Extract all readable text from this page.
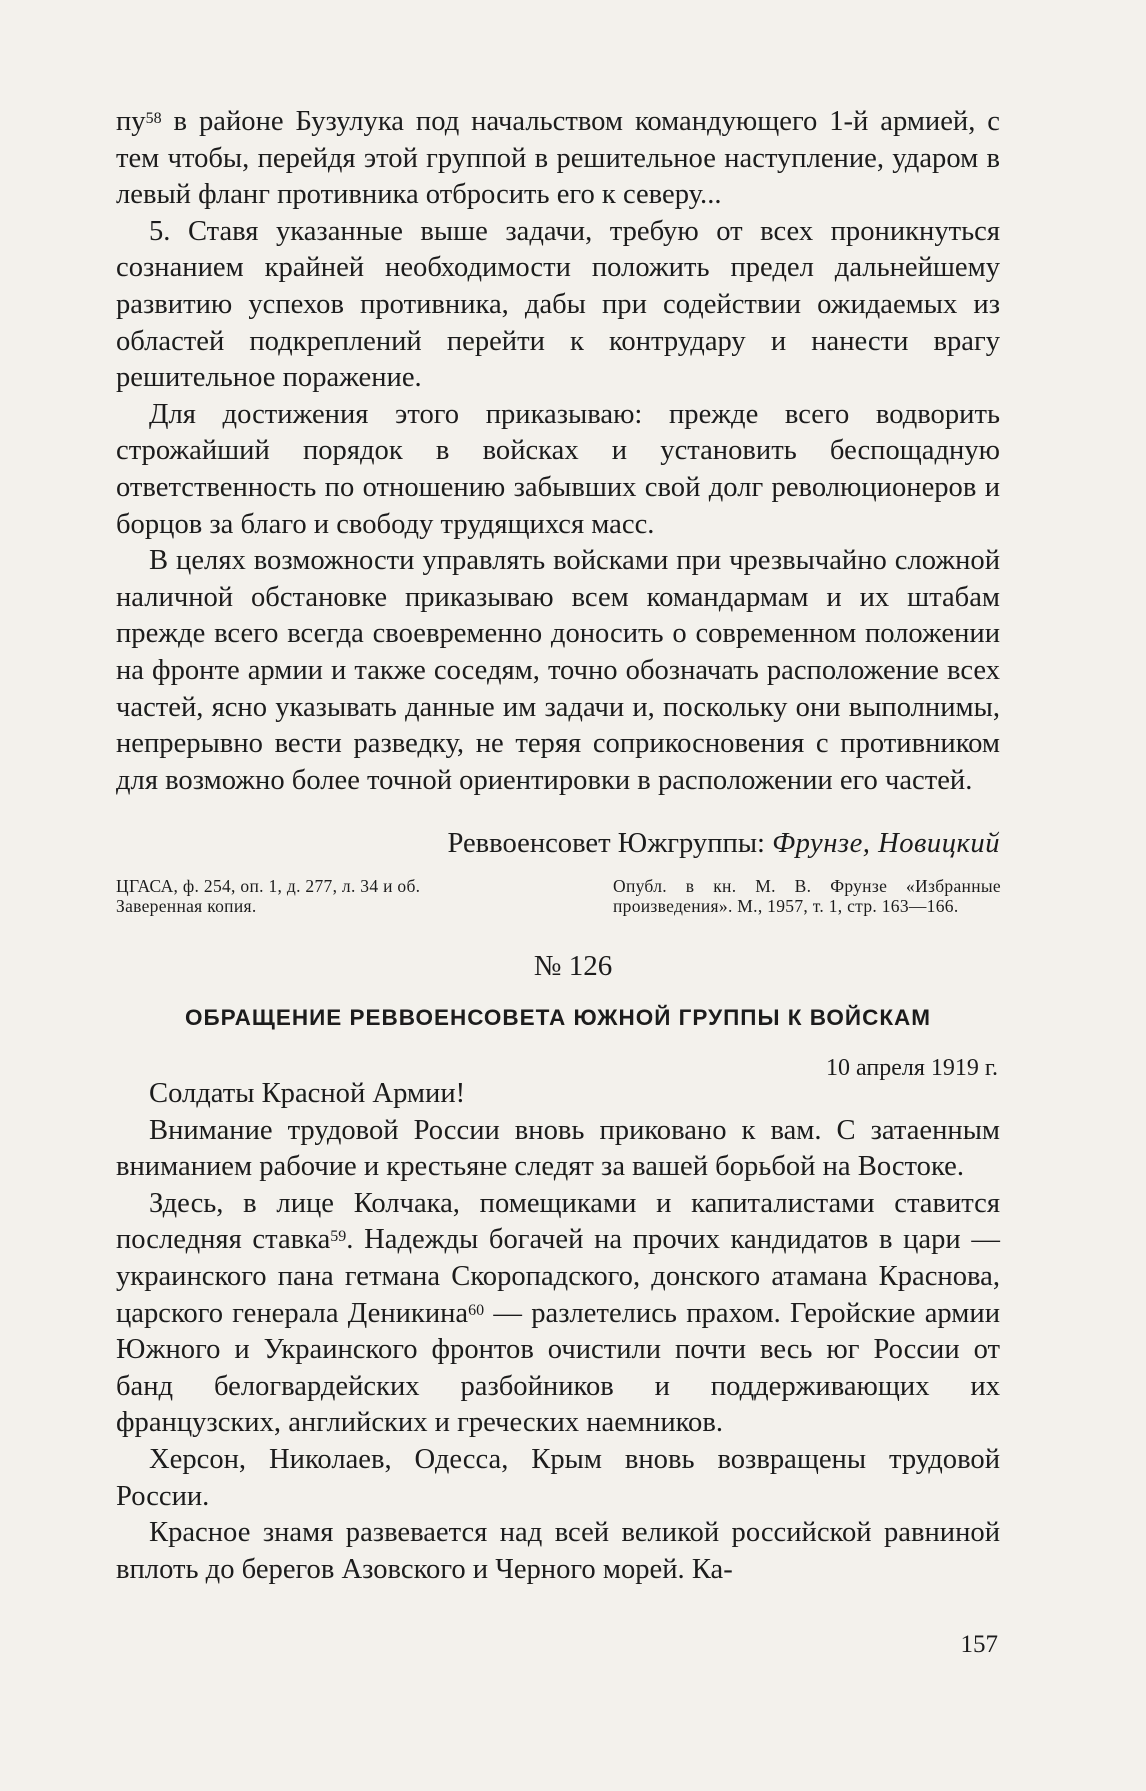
$пу^{58}$ в районе Бузулука под начальством командующего 1-й армией, с тем чтобы, перейдя этой группой в решительное наступление, ударом в левый фланг противника отбросить его к северу...

5. Ставя указанные выше задачи, требую от всех проникнуться сознанием крайней необходимости положить предел дальнейшему развитию успехов противника, дабы при содействии ожидаемых из областей подкреплений перейти к контрудару и нанести врагу решительное поражение.

Для достижения этого приказываю: прежде всего водворить строжайший порядок в войсках и установить беспощадную ответственность по отношению забывших свой долг революционеров и борцов за благо и свободу трудящихся масс.

В целях возможности управлять войсками при чрезвычайно сложной наличной обстановке приказываю всем командармам и их штабам прежде всего всегда своевременно доносить о современном положении на фронте армии и также соседям, точно обозначать расположение всех частей, ясно указывать данные им задачи и, поскольку они выполнимы, непрерывно вести разведку, не теряя соприкосновения с противником для возможно более точной ориентировки в расположении его частей.

Реввоенсовет Южгруппы: Фрунзе, Новицкий
ЦГАСА, ф. 254, оп. 1, д. 277, л. 34 и об. Заверенная копия.
Опубл. в кн. М. В. Фрунзе «Избранные произведения». М., 1957, т. 1, стр. 163—166.
№ 126
ОБРАЩЕНИЕ РЕВВОЕНСОВЕТА ЮЖНОЙ ГРУППЫ К ВОЙСКАМ
10 апреля 1919 г.

Солдаты Красной Армии!

Внимание трудовой России вновь приковано к вам. С затаенным вниманием рабочие и крестьяне следят за вашей борьбой на Востоке.

Здесь, в лице Колчака, помещиками и капиталистами ставится последняя ставка$^{59}$. Надежды богачей на прочих кандидатов в цари — украинского пана гетмана Скоропадского, донского атамана Краснова, царского генерала Деникина$^{60}$ — разлетелись прахом. Геройские армии Южного и Украинского фронтов очистили почти весь юг России от банд белогвардейских разбойников и поддерживающих их французских, английских и греческих наемников.

Херсон, Николаев, Одесса, Крым вновь возвращены трудовой России.

Красное знамя развевается над всей великой российской равниной вплоть до берегов Азовского и Черного морей. Ка-

157
